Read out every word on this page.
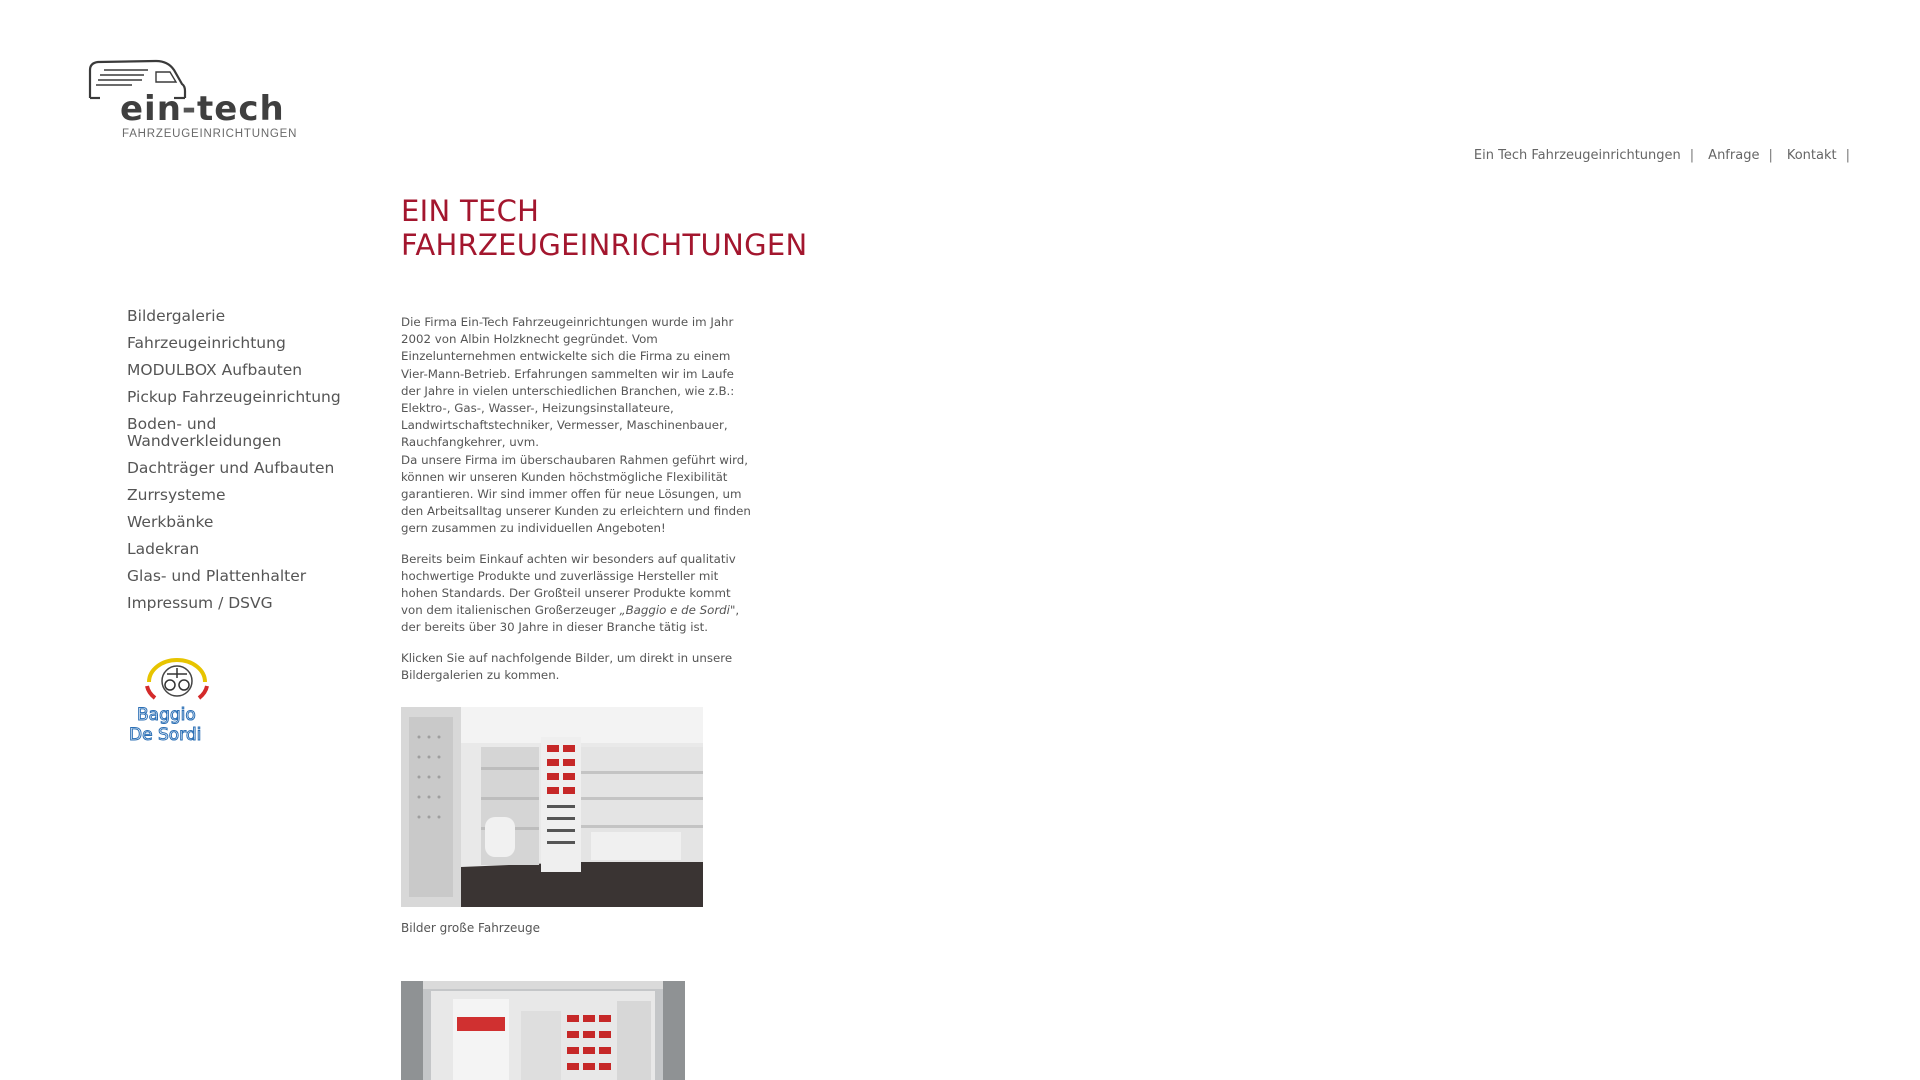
ein-tech
FAHRZEUGEINRICHTUNGEN
Ein Tech Fahrzeugeinrichtungen | Anfrage | Kontakt |
EIN TECH
FAHRZEUGEINRICHTUNGEN
Bildergalerie
Fahrzeugeinrichtung
MODULBOX Aufbauten
Pickup Fahrzeugeinrichtung
Boden- und Wandverkleidungen
Dachträger und Aufbauten
Zurrsysteme
Werkbänke
Ladekran
Glas- und Plattenhalter
Impressum / DSVG
Baggio
De Sordi

Die Firma Ein-Tech Fahrzeugeinrichtungen wurde im Jahr 2002 von Albin Holzknecht gegründet. Vom Einzelunternehmen entwickelte sich die Firma zu einem Vier-Mann-Betrieb. Erfahrungen sammelten wir im Laufe der Jahre in vielen unterschiedlichen Branchen, wie z.B.: Elektro-, Gas-, Wasser-, Heizungsinstallateure, Landwirtschaftstechniker, Vermesser, Maschinenbauer, Rauchfangkehrer, uvm.
Da unsere Firma im überschaubaren Rahmen geführt wird, können wir unseren Kunden höchstmögliche Flexibilität garantieren. Wir sind immer offen für neue Lösungen, um den Arbeitsalltag unserer Kunden zu erleichtern und finden gern zusammen zu individuellen Angeboten!

Bereits beim Einkauf achten wir besonders auf qualitativ hochwertige Produkte und zuverlässige Hersteller mit hohen Standards. Der Großteil unserer Produkte kommt von dem italienischen Großerzeuger „Baggio e de Sordi", der bereits über 30 Jahre in dieser Branche tätig ist.

Klicken Sie auf nachfolgende Bilder, um direkt in unsere Bildergalerien zu kommen.

Bilder große Fahrzeuge
